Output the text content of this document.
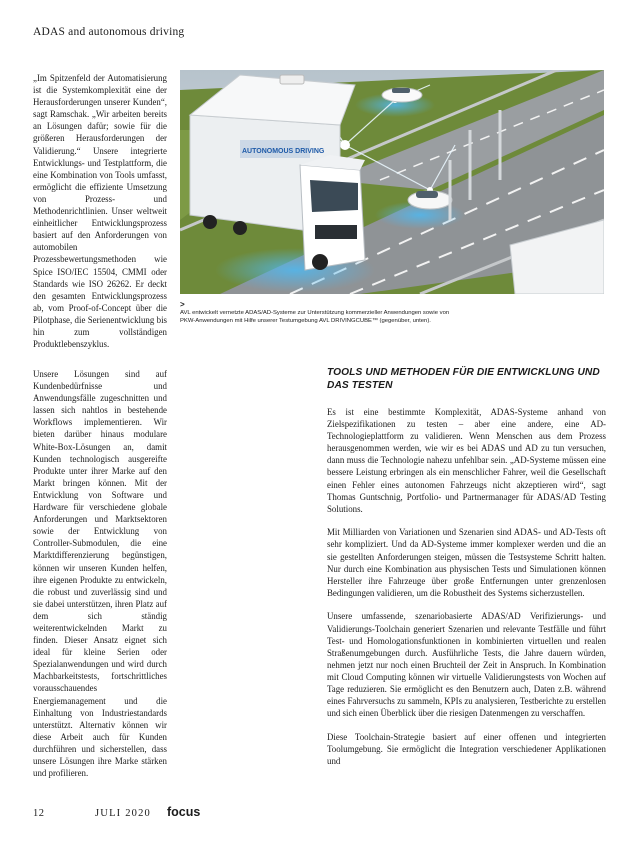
ADAS and autonomous driving

„Im Spitzenfeld der Automatisierung ist die Systemkomplexität eine der Herausforderungen unserer Kunden“, sagt Ramschak. „Wir arbeiten bereits an Lösungen dafür; sowie für die größeren Herausforderungen der Validierung.“ Unsere integrierte Entwicklungs- und Testplattform, die eine Kombination von Tools umfasst, ermöglicht die effiziente Umsetzung von Prozess- und Methodenrichtlinien. Unser weltweit einheitlicher Entwicklungsprozess basiert auf den Anforderungen von automobilen Prozessbewertungsmethoden wie Spice ISO/IEC 15504, CMMI oder Standards wie ISO 26262. Er deckt den gesamten Entwicklungsprozess ab, vom Proof-of-Concept über die Pilotphase, die Serienentwicklung bis hin zum vollständigen Produktlebenszyklus.

AUTONOMOUS DRIVING
>
AVL entwickelt vernetzte ADAS/AD-Systeme zur Unterstützung kommerzieller Anwendungen sowie von PKW-Anwendungen mit Hilfe unserer Testumgebung AVL DRIVINGCUBE™ (gegenüber, unten).

Unsere Lösungen sind auf Kundenbedürfnisse und Anwendungsfälle zugeschnitten und lassen sich nahtlos in bestehende Workflows implementieren. Wir bieten darüber hinaus modulare White-Box-Lösungen an, damit Kunden technologisch ausgereifte Produkte unter ihrer Marke auf den Markt bringen können. Mit der Entwicklung von Software und Hardware für verschiedene globale Anforderungen und Marktsektoren sowie der Entwicklung von Controller-Submodulen, die eine Marktdifferenzierung begünstigen, können wir unseren Kunden helfen, ihre eigenen Produkte zu entwickeln, die robust und zuverlässig sind und sie dabei unterstützen, ihren Platz auf dem sich ständig weiterentwickelnden Markt zu finden. Dieser Ansatz eignet sich ideal für kleine Serien oder Spezialanwendungen und wird durch Machbarkeitstests, fortschrittliches vorausschauendes Energiemanagement und die Einhaltung von Industriestandards unterstützt. Alternativ können wir diese Arbeit auch für Kunden durchführen und sicherstellen, dass unsere Lösungen ihre Marke stärken und profilieren.

TOOLS UND METHODEN FÜR DIE ENTWICKLUNG UND DAS TESTEN

Es ist eine bestimmte Komplexität, ADAS-Systeme anhand von Zielspezifikationen zu testen – aber eine andere, eine AD-Technologieplattform zu validieren. Wenn Menschen aus dem Prozess herausgenommen werden, wie wir es bei ADAS und AD zu tun versuchen, dann muss die Technologie nahezu unfehlbar sein. „AD-Systeme müssen eine bessere Leistung erbringen als ein menschlicher Fahrer, weil die Gesellschaft einen Fehler eines autonomen Fahrzeugs nicht akzeptieren wird“, sagt Thomas Guntschnig, Portfolio- und Partnermanager für ADAS/AD Testing Solutions.

Mit Milliarden von Variationen und Szenarien sind ADAS- und AD-Tests oft sehr kompliziert. Und da AD-Systeme immer komplexer werden und die an sie gestellten Anforderungen steigen, müssen die Testsysteme Schritt halten. Nur durch eine Kombination aus physischen Tests und Simulationen können Hersteller ihre Fahrzeuge über große Entfernungen unter grenzenlosen Bedingungen validieren, um die Robustheit des Systems sicherzustellen.

Unsere umfassende, szenariobasierte ADAS/AD Verifizierungs- und Validierungs-Toolchain generiert Szenarien und relevante Testfälle und führt Test- und Homologationsfunktionen in kombinierten virtuellen und realen Straßenumgebungen durch. Ausführliche Tests, die Jahre dauern würden, nehmen jetzt nur noch einen Bruchteil der Zeit in Anspruch. In Kombination mit Cloud Computing können wir virtuelle Validierungstests von Wochen auf Tage reduzieren. Sie ermöglicht es den Benutzern auch, Daten z.B. während eines Fahrversuchs zu sammeln, KPIs zu analysieren, Testberichte zu erstellen und sich einen Überblick über die riesigen Datenmengen zu verschaffen.

Diese Toolchain-Strategie basiert auf einer offenen und integrierten Toolumgebung. Sie ermöglicht die Integration verschiedener Applikationen und

12	JULI 2020	focus
